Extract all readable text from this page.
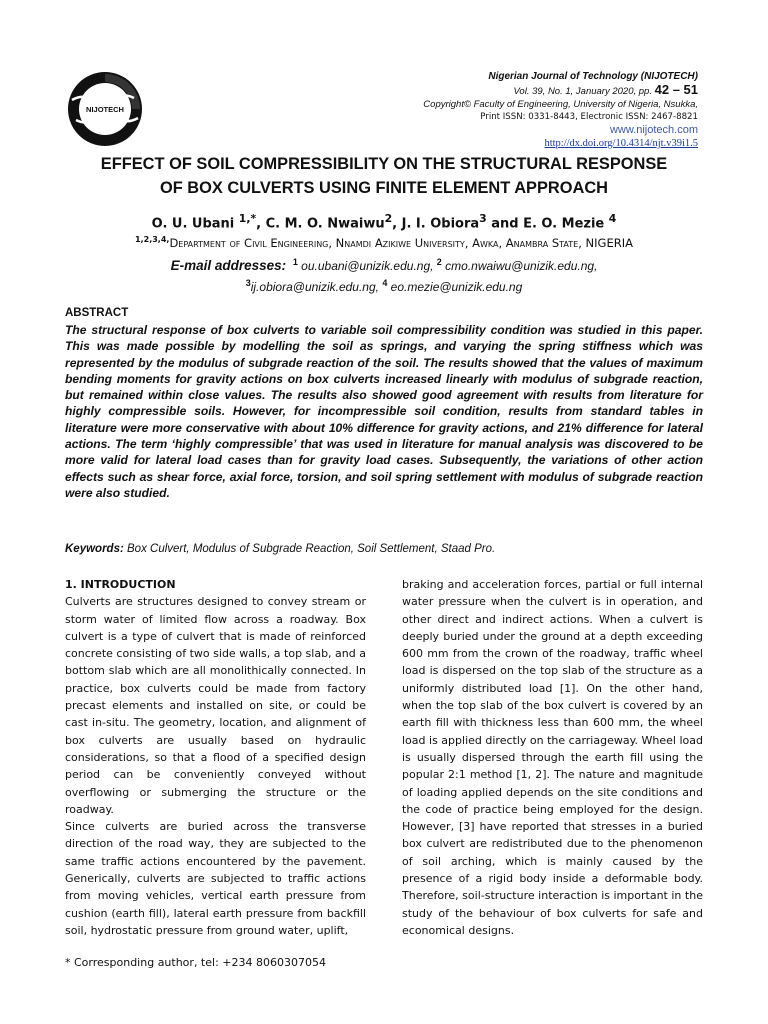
NIJOTECH
Nigerian Journal of Technology (NIJOTECH)
Vol. 39, No. 1, January 2020, pp. 42 – 51
Copyright© Faculty of Engineering, University of Nigeria, Nsukka,
Print ISSN: 0331-8443, Electronic ISSN: 2467-8821
www.nijotech.com
http://dx.doi.org/10.4314/njt.v39i1.5
EFFECT OF SOIL COMPRESSIBILITY ON THE STRUCTURAL RESPONSE
OF BOX CULVERTS USING FINITE ELEMENT APPROACH
O. U. Ubani $^{1,*}$, C. M. O. Nwaiwu$^2$, J. I. Obiora$^3$ and E. O. Mezie $^4$
$^{1,2,3,4,}$Department of Civil Engineering, Nnamdi Azikiwe University, Awka, Anambra State, NIGERIA
E-mail addresses: $^1$ ou.ubani@unizik.edu.ng, $^2$ cmo.nwaiwu@unizik.edu.ng,
$^3$ij.obiora@unizik.edu.ng, $^4$ eo.mezie@unizik.edu.ng
ABSTRACT

The structural response of box culverts to variable soil compressibility condition was studied in this paper. This was made possible by modelling the soil as springs, and varying the spring stiffness which was represented by the modulus of subgrade reaction of the soil. The results showed that the values of maximum bending moments for gravity actions on box culverts increased linearly with modulus of subgrade reaction, but remained within close values. The results also showed good agreement with results from literature for highly compressible soils. However, for incompressible soil condition, results from standard tables in literature were more conservative with about 10% difference for gravity actions, and 21% difference for lateral actions. The term ‘highly compressible’ that was used in literature for manual analysis was discovered to be more valid for lateral load cases than for gravity load cases. Subsequently, the variations of other action effects such as shear force, axial force, torsion, and soil spring settlement with modulus of subgrade reaction were also studied.

Keywords: Box Culvert, Modulus of Subgrade Reaction, Soil Settlement, Staad Pro.

1. INTRODUCTION

Culverts are structures designed to convey stream or storm water of limited flow across a roadway. Box culvert is a type of culvert that is made of reinforced concrete consisting of two side walls, a top slab, and a bottom slab which are all monolithically connected. In practice, box culverts could be made from factory precast elements and installed on site, or could be cast in-situ. The geometry, location, and alignment of box culverts are usually based on hydraulic considerations, so that a flood of a specified design period can be conveniently conveyed without overflowing or submerging the structure or the roadway.

Since culverts are buried across the transverse direction of the road way, they are subjected to the same traffic actions encountered by the pavement. Generically, culverts are subjected to traffic actions from moving vehicles, vertical earth pressure from cushion (earth fill), lateral earth pressure from backfill soil, hydrostatic pressure from ground water, uplift,

braking and acceleration forces, partial or full internal water pressure when the culvert is in operation, and other direct and indirect actions. When a culvert is deeply buried under the ground at a depth exceeding 600 mm from the crown of the roadway, traffic wheel load is dispersed on the top slab of the structure as a uniformly distributed load [1]. On the other hand, when the top slab of the box culvert is covered by an earth fill with thickness less than 600 mm, the wheel load is applied directly on the carriageway. Wheel load is usually dispersed through the earth fill using the popular 2:1 method [1, 2]. The nature and magnitude of loading applied depends on the site conditions and the code of practice being employed for the design. However, [3] have reported that stresses in a buried box culvert are redistributed due to the phenomenon of soil arching, which is mainly caused by the presence of a rigid body inside a deformable body. Therefore, soil-structure interaction is important in the study of the behaviour of box culverts for safe and economical designs.

* Corresponding author, tel: +234 8060307054
